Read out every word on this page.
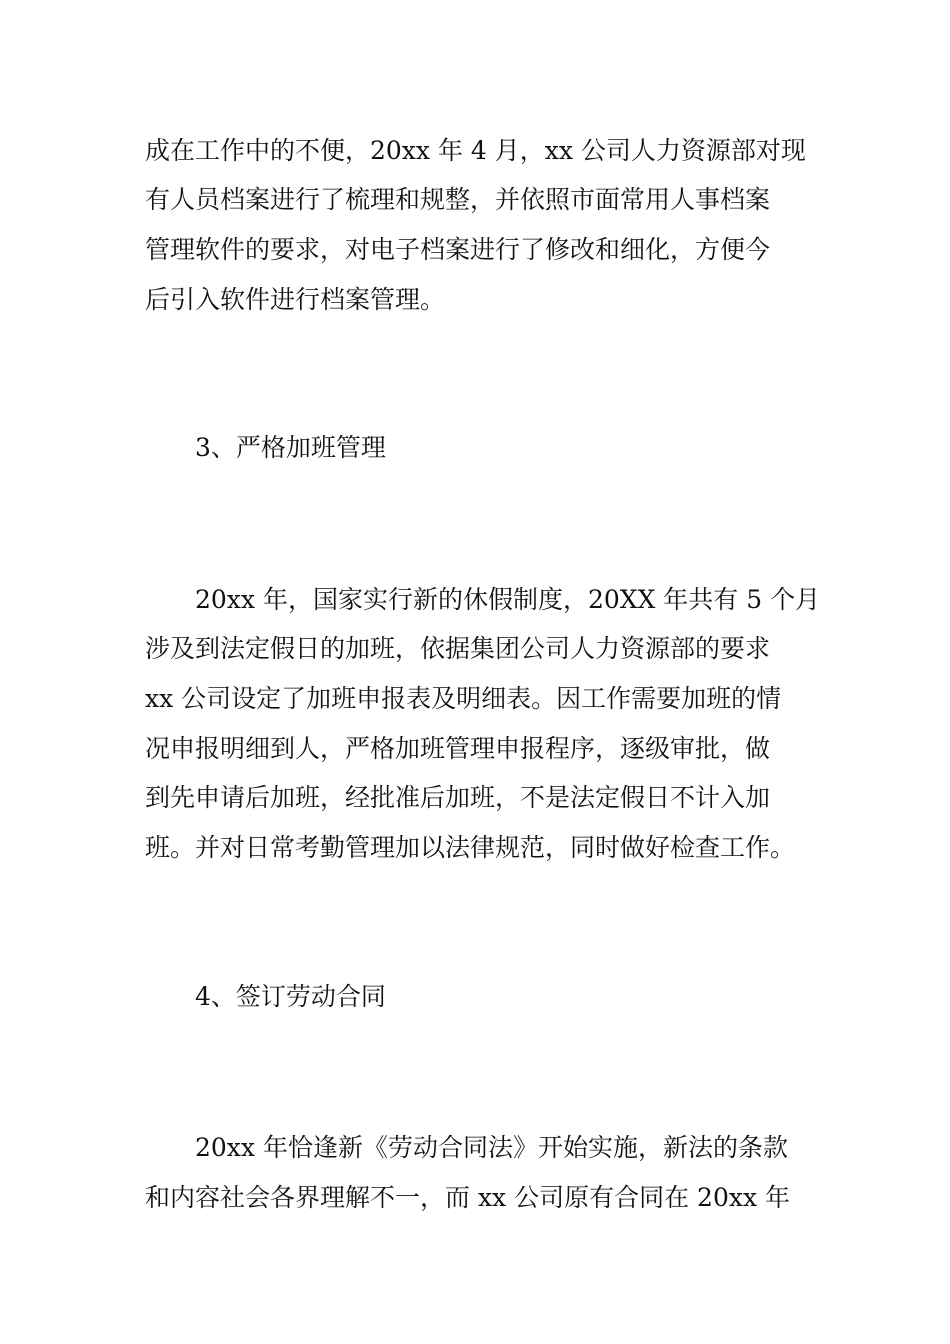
成在工作中的不便，20xx 年 4 月，xx 公司人力资源部对现
有人员档案进行了梳理和规整，并依照市面常用人事档案
管理软件的要求，对电子档案进行了修改和细化，方便今
后引入软件进行档案管理。
3、严格加班管理
20xx 年，国家实行新的休假制度，20XX 年共有 5 个月
涉及到法定假日的加班，依据集团公司人力资源部的要求
xx 公司设定了加班申报表及明细表。因工作需要加班的情
况申报明细到人，严格加班管理申报程序，逐级审批，做
到先申请后加班，经批准后加班，不是法定假日不计入加
班。并对日常考勤管理加以法律规范，同时做好检查工作。
4、签订劳动合同
20xx 年恰逢新《劳动合同法》开始实施，新法的条款
和内容社会各界理解不一，而 xx 公司原有合同在 20xx 年
